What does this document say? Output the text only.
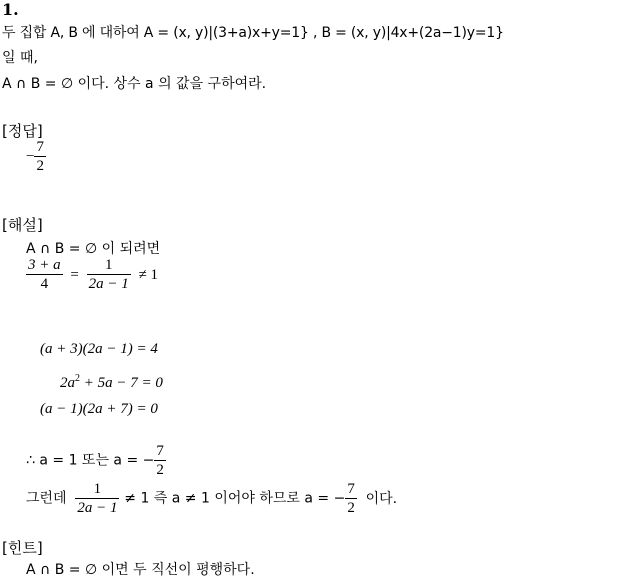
1.
두 집합 A, B 에 대하여 A = (x, y)|(3+a)x+y=1} , B = (x, y)|4x+(2a−1)y=1}
일 때,
A ∩ B = ∅ 이다. 상수 a 의 값을 구하여라.
[정답]
− $\frac{7}{2}$
[해설]
A ∩ B = ∅ 이 되려면
$\frac{3 + a}{4} = \frac{1}{2a - 1} \ne 1$
(a + 3)(2a − 1) = 4
$2a^2 + 5a - 7 = 0$
(a − 1)(2a + 7) = 0
∴ a = 1 또는 a = − $\frac{7}{2}$
그런데 $\frac{1}{2a - 1} \ne 1$ 즉 a ≠ 1 이어야 하므로 a = − $\frac{7}{2}$ 이다.
[힌트]
A ∩ B = ∅ 이면 두 직선이 평행하다.
